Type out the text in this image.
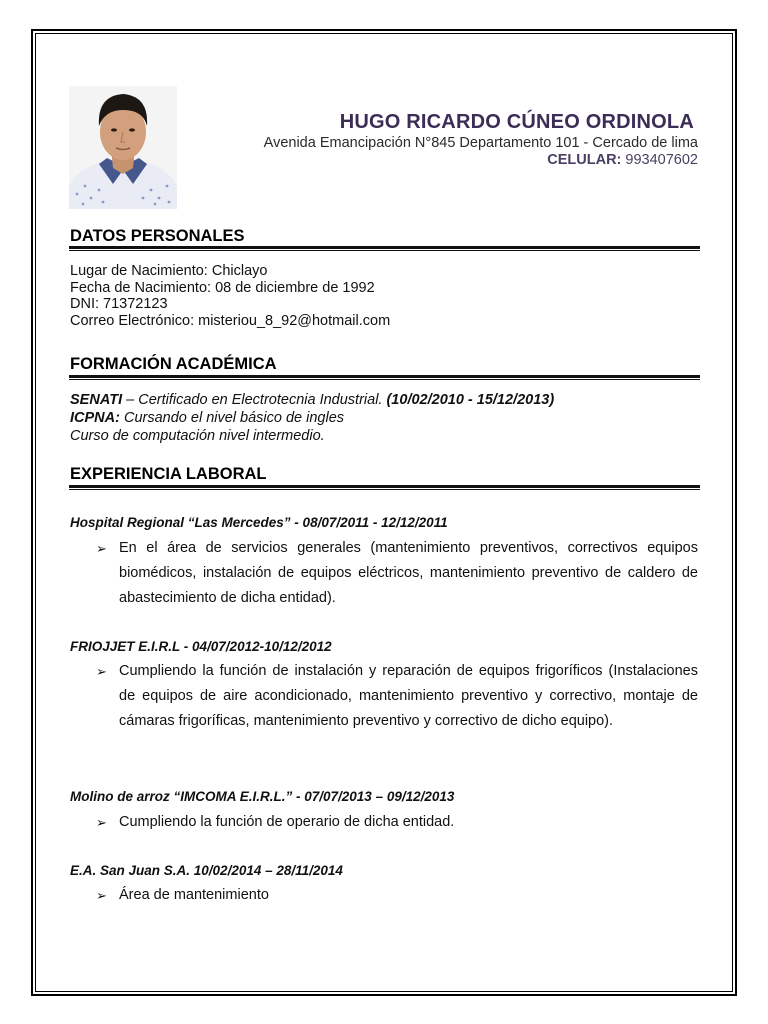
HUGO RICARDO CÚNEO ORDINOLA
Avenida Emancipación N°845 Departamento 101 - Cercado de lima
CELULAR: 993407602
DATOS PERSONALES
Lugar de Nacimiento: Chiclayo
Fecha de Nacimiento: 08 de diciembre de 1992
DNI: 71372123
Correo Electrónico: misteriou_8_92@hotmail.com
FORMACIÓN ACADÉMICA
SENATI – Certificado en Electrotecnia Industrial. (10/02/2010 - 15/12/2013)
ICPNA: Cursando el nivel básico de ingles
Curso de computación nivel intermedio.
EXPERIENCIA LABORAL
Hospital Regional “Las Mercedes” - 08/07/2011 - 12/12/2011
➢ En el área de servicios generales (mantenimiento preventivos, correctivos equipos biomédicos, instalación de equipos eléctricos, mantenimiento preventivo de caldero de abastecimiento de dicha entidad).
FRIOJJET E.I.R.L - 04/07/2012-10/12/2012
➢ Cumpliendo la función de instalación y reparación de equipos frigoríficos (Instalaciones de equipos de aire acondicionado, mantenimiento preventivo y correctivo, montaje de cámaras frigoríficas, mantenimiento preventivo y correctivo de dicho equipo).
Molino de arroz “IMCOMA E.I.R.L.” - 07/07/2013 – 09/12/2013
➢ Cumpliendo la función de operario de dicha entidad.
E.A. San Juan S.A. 10/02/2014 – 28/11/2014
➢ Área de mantenimiento
